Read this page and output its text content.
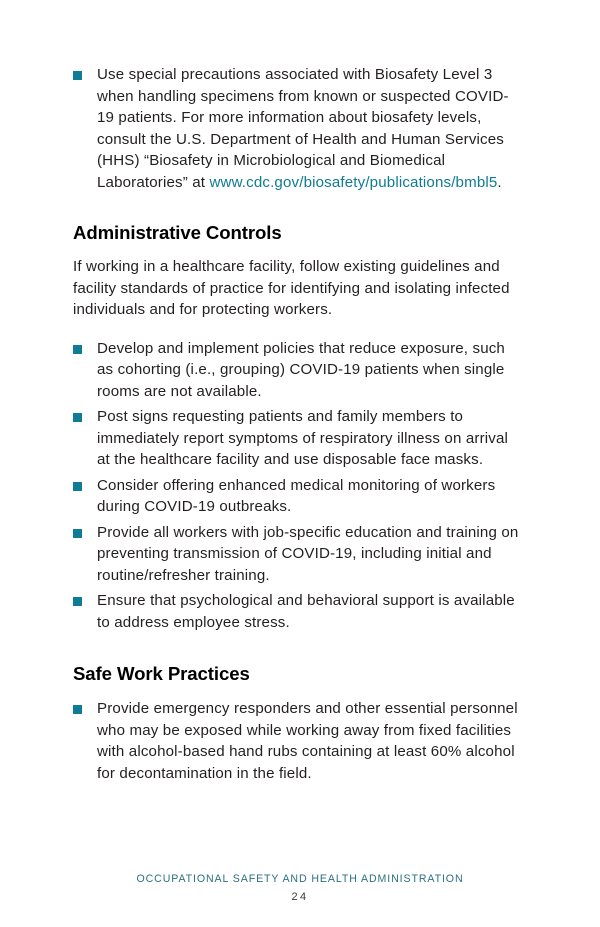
Use special precautions associated with Biosafety Level 3 when handling specimens from known or suspected COVID-19 patients. For more information about biosafety levels, consult the U.S. Department of Health and Human Services (HHS) “Biosafety in Microbiological and Biomedical Laboratories” at www.cdc.gov/biosafety/publications/bmbl5.
Administrative Controls

If working in a healthcare facility, follow existing guidelines and facility standards of practice for identifying and isolating infected individuals and for protecting workers.

Develop and implement policies that reduce exposure, such as cohorting (i.e., grouping) COVID-19 patients when single rooms are not available.
Post signs requesting patients and family members to immediately report symptoms of respiratory illness on arrival at the healthcare facility and use disposable face masks.
Consider offering enhanced medical monitoring of workers during COVID-19 outbreaks.
Provide all workers with job-specific education and training on preventing transmission of COVID-19, including initial and routine/refresher training.
Ensure that psychological and behavioral support is available to address employee stress.
Safe Work Practices
Provide emergency responders and other essential personnel who may be exposed while working away from fixed facilities with alcohol-based hand rubs containing at least 60% alcohol for decontamination in the field.
OCCUPATIONAL SAFETY AND HEALTH ADMINISTRATION
24
